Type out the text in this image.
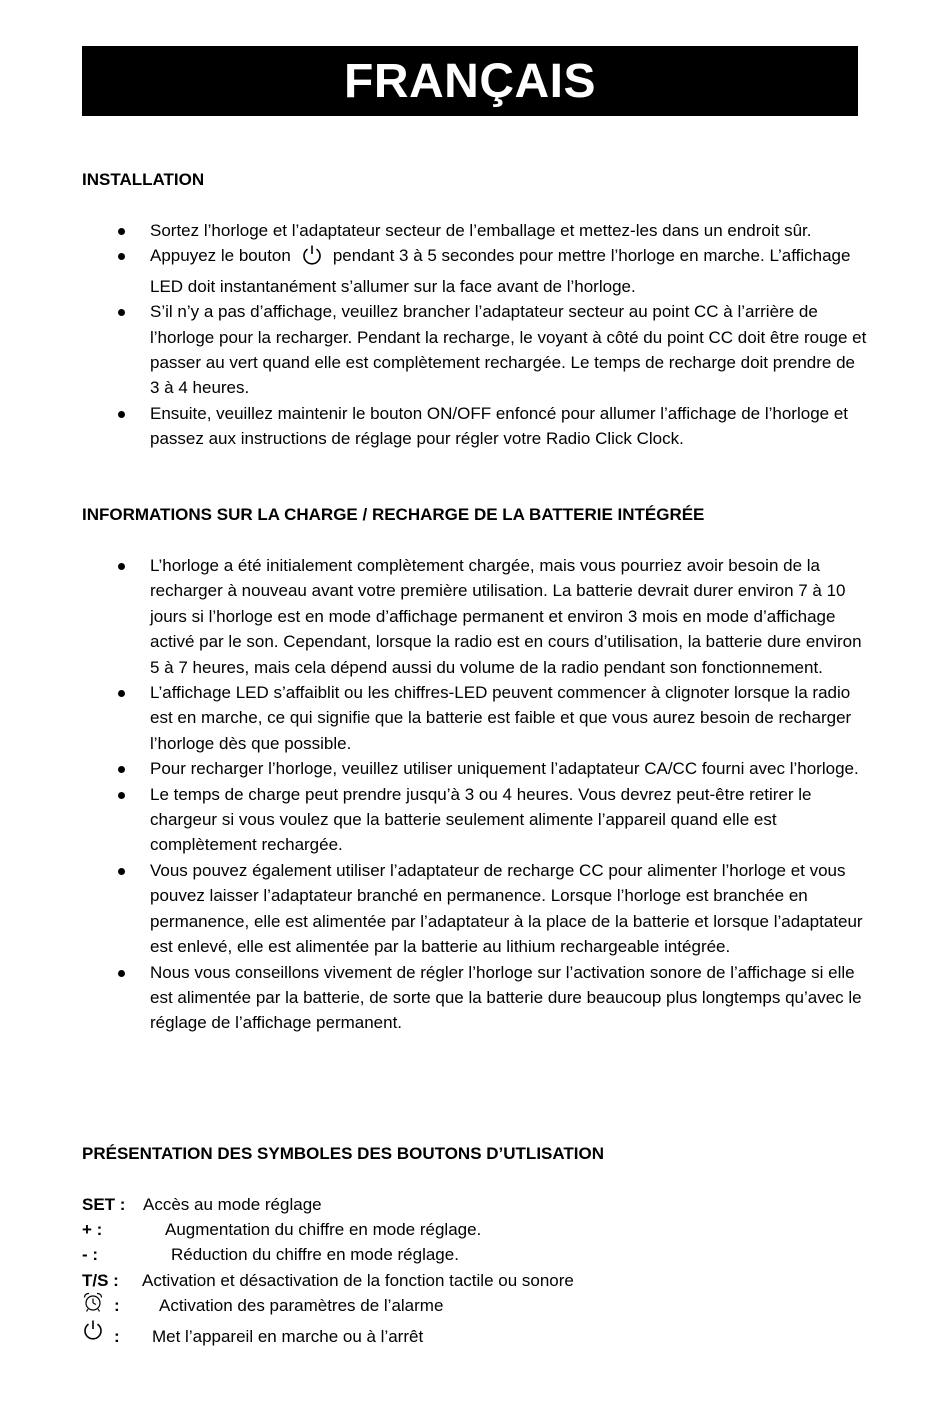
FRANÇAIS
INSTALLATION
Sortez l’horloge et l’adaptateur secteur de l’emballage et mettez-les dans un endroit sûr.
Appuyez le bouton pendant 3 à 5 secondes pour mettre l’horloge en marche. L’affichage LED doit instantanément s’allumer sur la face avant de l’horloge.
S’il n’y a pas d’affichage, veuillez brancher l’adaptateur secteur au point CC à l’arrière de l’horloge pour la recharger. Pendant la recharge, le voyant à côté du point CC doit être rouge et passer au vert quand elle est complètement rechargée. Le temps de recharge doit prendre de 3 à 4 heures.
Ensuite, veuillez maintenir le bouton ON/OFF enfoncé pour allumer l’affichage de l’horloge et passez aux instructions de réglage pour régler votre Radio Click Clock.
INFORMATIONS SUR LA CHARGE / RECHARGE DE LA BATTERIE INTÉGRÉE
L’horloge a été initialement complètement chargée, mais vous pourriez avoir besoin de la recharger à nouveau avant votre première utilisation. La batterie devrait durer environ 7 à 10 jours si l’horloge est en mode d’affichage permanent et environ 3 mois en mode d’affichage activé par le son. Cependant, lorsque la radio est en cours d’utilisation, la batterie dure environ 5 à 7 heures, mais cela dépend aussi du volume de la radio pendant son fonctionnement.
L’affichage LED s’affaiblit ou les chiffres-LED peuvent commencer à clignoter lorsque la radio est en marche, ce qui signifie que la batterie est faible et que vous aurez besoin de recharger l’horloge dès que possible.
Pour recharger l’horloge, veuillez utiliser uniquement l’adaptateur CA/CC fourni avec l’horloge.
Le temps de charge peut prendre jusqu’à 3 ou 4 heures. Vous devrez peut-être retirer le chargeur si vous voulez que la batterie seulement alimente l’appareil quand elle est complètement rechargée.
Vous pouvez également utiliser l’adaptateur de recharge CC pour alimenter l’horloge et vous pouvez laisser l’adaptateur branché en permanence. Lorsque l’horloge est branchée en permanence, elle est alimentée par l’adaptateur à la place de la batterie et lorsque l’adaptateur est enlevé, elle est alimentée par la batterie au lithium rechargeable intégrée.
Nous vous conseillons vivement de régler l’horloge sur l’activation sonore de l’affichage si elle est alimentée par la batterie, de sorte que la batterie dure beaucoup plus longtemps qu’avec le réglage de l’affichage permanent.
PRÉSENTATION DES SYMBOLES DES BOUTONS D’UTLISATION
SET : Accès au mode réglage
+ :	Augmentation du chiffre en mode réglage.
- :	Réduction du chiffre en mode réglage.
T/S : Activation et désactivation de la fonction tactile ou sonore
: Activation des paramètres de l’alarme
: Met l’appareil en marche ou à l’arrêt
